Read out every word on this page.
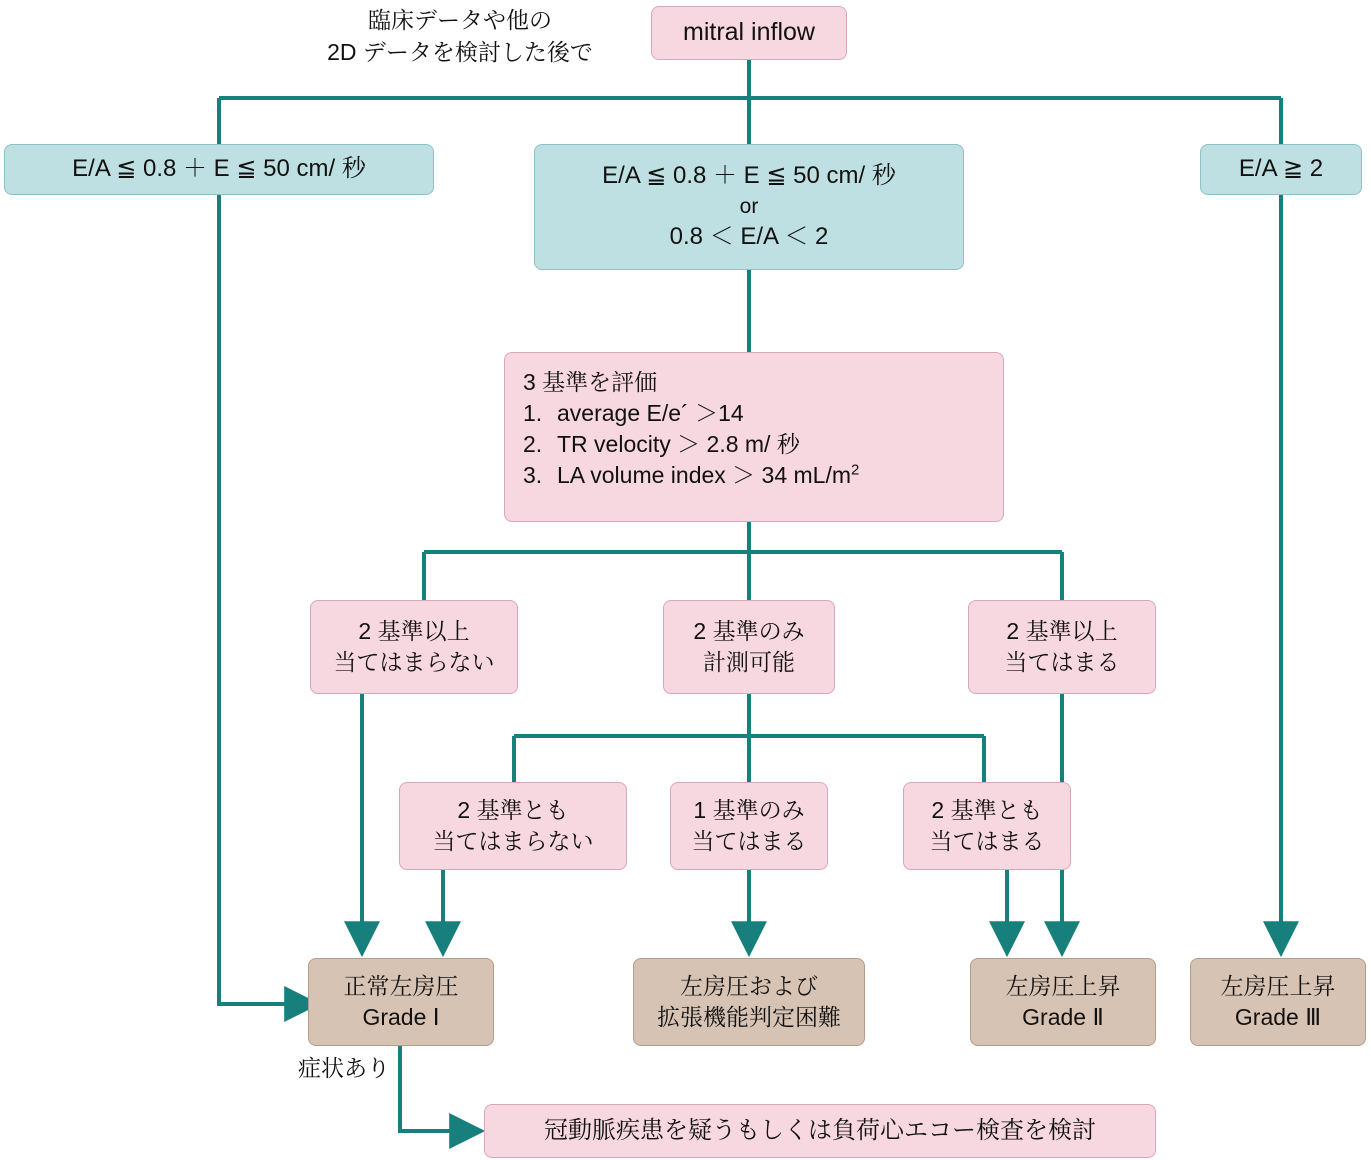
臨床データや他の
2D データを検討した後で
mitral inflow
E/A ≦ 0.8 ＋ E ≦ 50 cm/ 秒	E/A ≦ 0.8 ＋ E ≦ 50 cm/ 秒
or
0.8 ＜ E/A ＜ 2
E/A ≧ 2
3 基準を評価
1. average E/e´ ＞14
2. TR velocity ＞ 2.8 m/ 秒
3. LA volume index ＞ 34 $mL/m^2$
2 基準以上
当てはまらない
2 基準のみ
計測可能
2 基準以上
当てはまる
2 基準とも
当てはまらない
1 基準のみ
当てはまる
2 基準とも
当てはまる
正常左房圧
Grade Ⅰ
左房圧および
拡張機能判定困難
左房圧上昇
Grade Ⅱ
左房圧上昇
Grade Ⅲ
症状あり
冠動脈疾患を疑うもしくは負荷心エコー検査を検討
